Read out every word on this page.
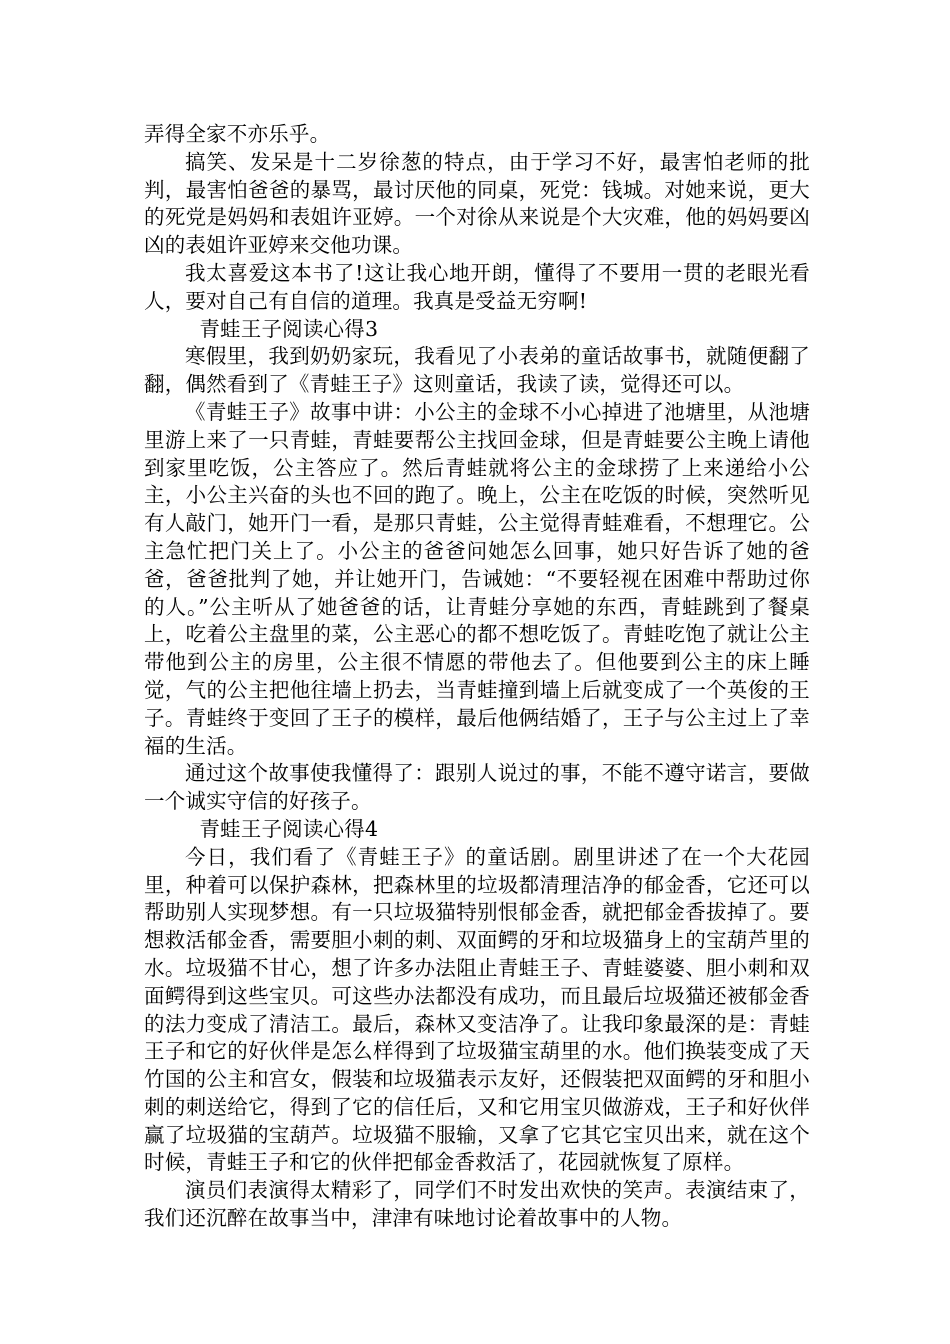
弄得全家不亦乐乎。

搞笑、发呆是十二岁徐葱的特点，由于学习不好，最害怕老师的批判，最害怕爸爸的暴骂，最讨厌他的同桌，死党：钱城。对她来说，更大的死党是妈妈和表姐许亚婷。一个对徐从来说是个大灾难，他的妈妈要凶凶的表姐许亚婷来交他功课。

我太喜爱这本书了!这让我心地开朗，懂得了不要用一贯的老眼光看人，要对自己有自信的道理。我真是受益无穷啊!

青蛙王子阅读心得3

寒假里，我到奶奶家玩，我看见了小表弟的童话故事书，就随便翻了翻，偶然看到了《青蛙王子》这则童话，我读了读，觉得还可以。

《青蛙王子》故事中讲：小公主的金球不小心掉进了池塘里，从池塘里游上来了一只青蛙，青蛙要帮公主找回金球，但是青蛙要公主晚上请他到家里吃饭，公主答应了。然后青蛙就将公主的金球捞了上来递给小公主，小公主兴奋的头也不回的跑了。晚上，公主在吃饭的时候，突然听见有人敲门，她开门一看，是那只青蛙，公主觉得青蛙难看，不想理它。公主急忙把门关上了。小公主的爸爸问她怎么回事，她只好告诉了她的爸爸，爸爸批判了她，并让她开门，告诫她：“不要轻视在困难中帮助过你的人。”公主听从了她爸爸的话，让青蛙分享她的东西，青蛙跳到了餐桌上，吃着公主盘里的菜，公主恶心的都不想吃饭了。青蛙吃饱了就让公主带他到公主的房里，公主很不情愿的带他去了。但他要到公主的床上睡觉，气的公主把他往墙上扔去，当青蛙撞到墙上后就变成了一个英俊的王子。青蛙终于变回了王子的模样，最后他俩结婚了，王子与公主过上了幸福的生活。

通过这个故事使我懂得了：跟别人说过的事，不能不遵守诺言，要做一个诚实守信的好孩子。

青蛙王子阅读心得4

今日，我们看了《青蛙王子》的童话剧。剧里讲述了在一个大花园里，种着可以保护森林，把森林里的垃圾都清理洁净的郁金香，它还可以帮助别人实现梦想。有一只垃圾猫特别恨郁金香，就把郁金香拔掉了。要想救活郁金香，需要胆小刺的刺、双面鳄的牙和垃圾猫身上的宝葫芦里的水。垃圾猫不甘心，想了许多办法阻止青蛙王子、青蛙婆婆、胆小刺和双面鳄得到这些宝贝。可这些办法都没有成功，而且最后垃圾猫还被郁金香的法力变成了清洁工。最后，森林又变洁净了。让我印象最深的是：青蛙王子和它的好伙伴是怎么样得到了垃圾猫宝葫里的水。他们换装变成了天竹国的公主和宫女，假装和垃圾猫表示友好，还假装把双面鳄的牙和胆小刺的刺送给它，得到了它的信任后，又和它用宝贝做游戏，王子和好伙伴赢了垃圾猫的宝葫芦。垃圾猫不服输，又拿了它其它宝贝出来，就在这个时候，青蛙王子和它的伙伴把郁金香救活了，花园就恢复了原样。

演员们表演得太精彩了，同学们不时发出欢快的笑声。表演结束了，我们还沉醉在故事当中，津津有味地讨论着故事中的人物。
